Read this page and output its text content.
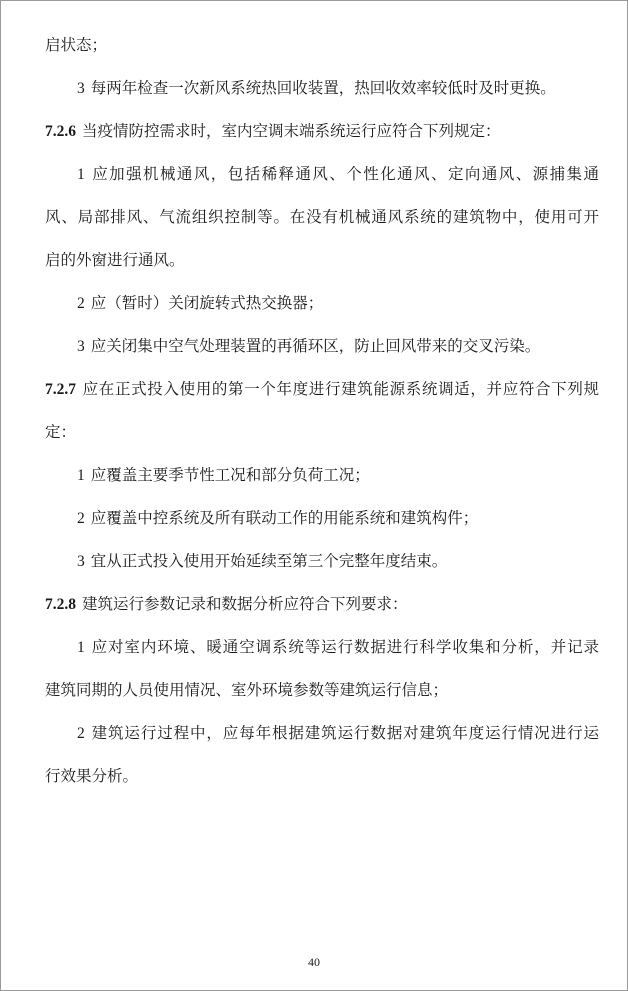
启状态；
3 每两年检查一次新风系统热回收装置，热回收效率较低时及时更换。
7.2.6 当疫情防控需求时，室内空调末端系统运行应符合下列规定：
1 应加强机械通风，包括稀释通风、个性化通风、定向通风、源捕集通
风、局部排风、气流组织控制等。在没有机械通风系统的建筑物中，使用可开
启的外窗进行通风。
2 应（暂时）关闭旋转式热交换器；
3 应关闭集中空气处理装置的再循环区，防止回风带来的交叉污染。
7.2.7 应在正式投入使用的第一个年度进行建筑能源系统调适，并应符合下列规
定：
1 应覆盖主要季节性工况和部分负荷工况；
2 应覆盖中控系统及所有联动工作的用能系统和建筑构件；
3 宜从正式投入使用开始延续至第三个完整年度结束。
7.2.8 建筑运行参数记录和数据分析应符合下列要求：
1 应对室内环境、暖通空调系统等运行数据进行科学收集和分析，并记录
建筑同期的人员使用情况、室外环境参数等建筑运行信息；
2 建筑运行过程中，应每年根据建筑运行数据对建筑年度运行情况进行运
行效果分析。
40
